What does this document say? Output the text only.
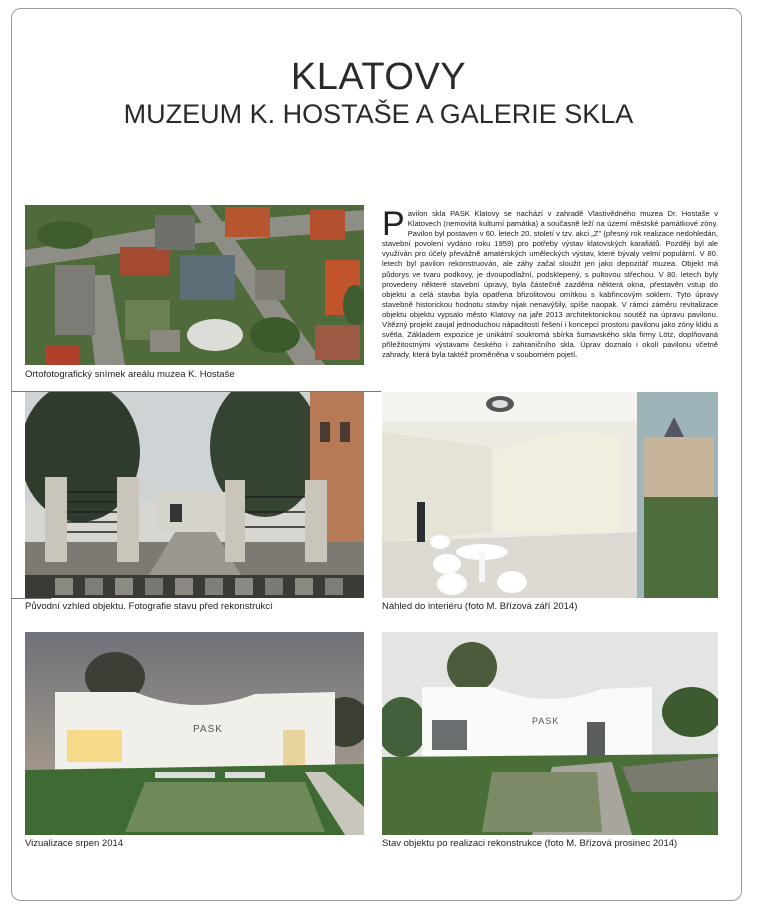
KLATOVY
MUZEUM K. HOSTAŠE A GALERIE SKLA
Ortofotografický snímek areálu muzea K. Hostaše
Pavilon skla PASK Klatovy se nachází v zahradě Vlastivědného muzea Dr. Hostaše v Klatovech (nemovitá kulturní památka) a současně leží na území městské památkové zóny. Pavilon byl postaven v 60. letech 20. století v tzv. akci „Z" (přesný rok realizace nedohledán, stavební povolení vydáno roku 1959) pro potřeby výstav klatovských karafiátů. Později byl ale využíván pro účely převážně amatérských uměleckých výstav, které bývaly velmi populární. V 80. letech byl pavilon rekonstruován, ale záhy začal sloužit jen jako depozitář muzea. Objekt má půdorys ve tvaru podkovy, je dvoupodlažní, podsklepený, s pultovou střechou. V 80. letech byly provedeny některé stavební úpravy, byla částečně zazděna některá okna, přestavěn vstup do objektu a celá stavba byla opatřena břizolitovou omítkou s kabřincovým soklem. Tyto úpravy stavebně historickou hodnotu stavby nijak nenavýšily, spíše naopak. V rámci záměru revitalizace objektu objektu vypsalo město Klatovy na jaře 2013 architektonickou soutěž na úpravu pavilonu. Vítězný projekt zaujal jednoduchou nápaditostí řešení i koncepcí prostoru pavilonu jako zóny klidu a světla. Základem expozice je unikátní soukromá sbírka šumavského skla firmy Lötz, doplňovaná příležitostnými výstavami českého i zahraničního skla. Úprav doznalo i okolí pavilonu včetně zahrady, která byla taktéž proměněna v souborném pojetí.
Původní vzhled objektu. Fotografie stavu před rekonstrukcí	Náhled do interiéru (foto M. Břízová září 2014)
PASK
Vizualizace srpen 2014
PASK
Stav objektu po realizaci rekonstrukce (foto M. Břízová prosinec 2014)
